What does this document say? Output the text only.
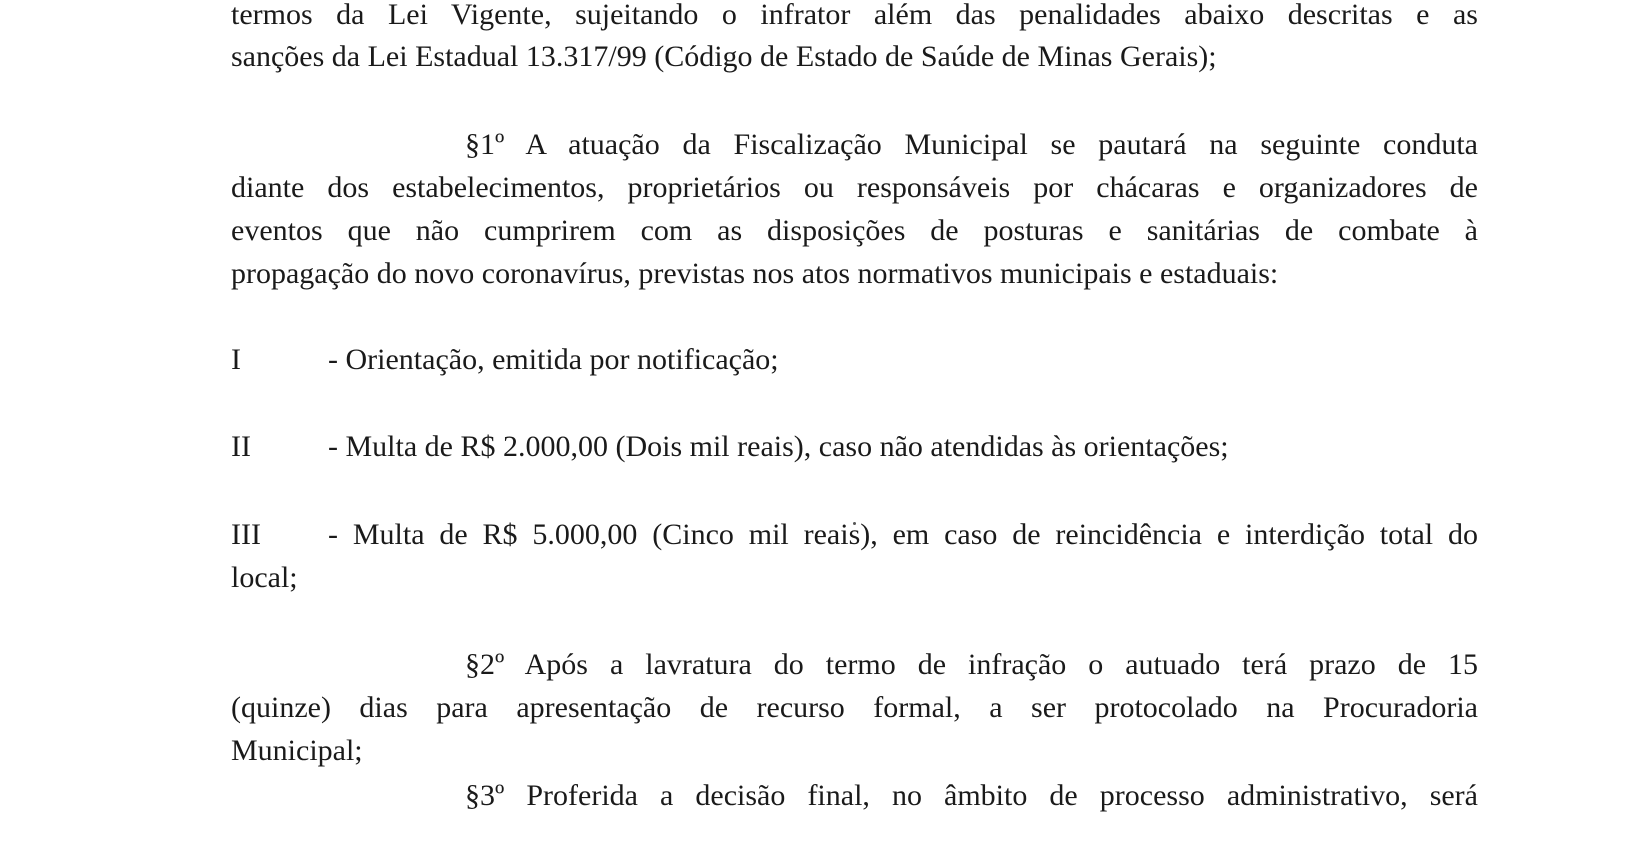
termos da Lei Vigente, sujeitando o infrator além das penalidades abaixo descritas e as
sanções da Lei Estadual 13.317/99 (Código de Estado de Saúde de Minas Gerais);
§1º A atuação da Fiscalização Municipal se pautará na seguinte conduta
diante dos estabelecimentos, proprietários ou responsáveis por chácaras e organizadores de
eventos que não cumprirem com as disposições de posturas e sanitárias de combate à
propagação do novo coronavírus, previstas nos atos normativos municipais e estaduais:
I	- Orientação, emitida por notificação;
II	- Multa de R$ 2.000,00 (Dois mil reais), caso não atendidas às orientações;
III - Multa de R$ 5.000,00 (Cinco mil reais), em caso de reincidência e interdição total do
local;
§2º Após a lavratura do termo de infração o autuado terá prazo de 15
(quinze) dias para apresentação de recurso formal, a ser protocolado na Procuradoria
Municipal;
§3º Proferida a decisão final, no âmbito de processo administrativo, será
